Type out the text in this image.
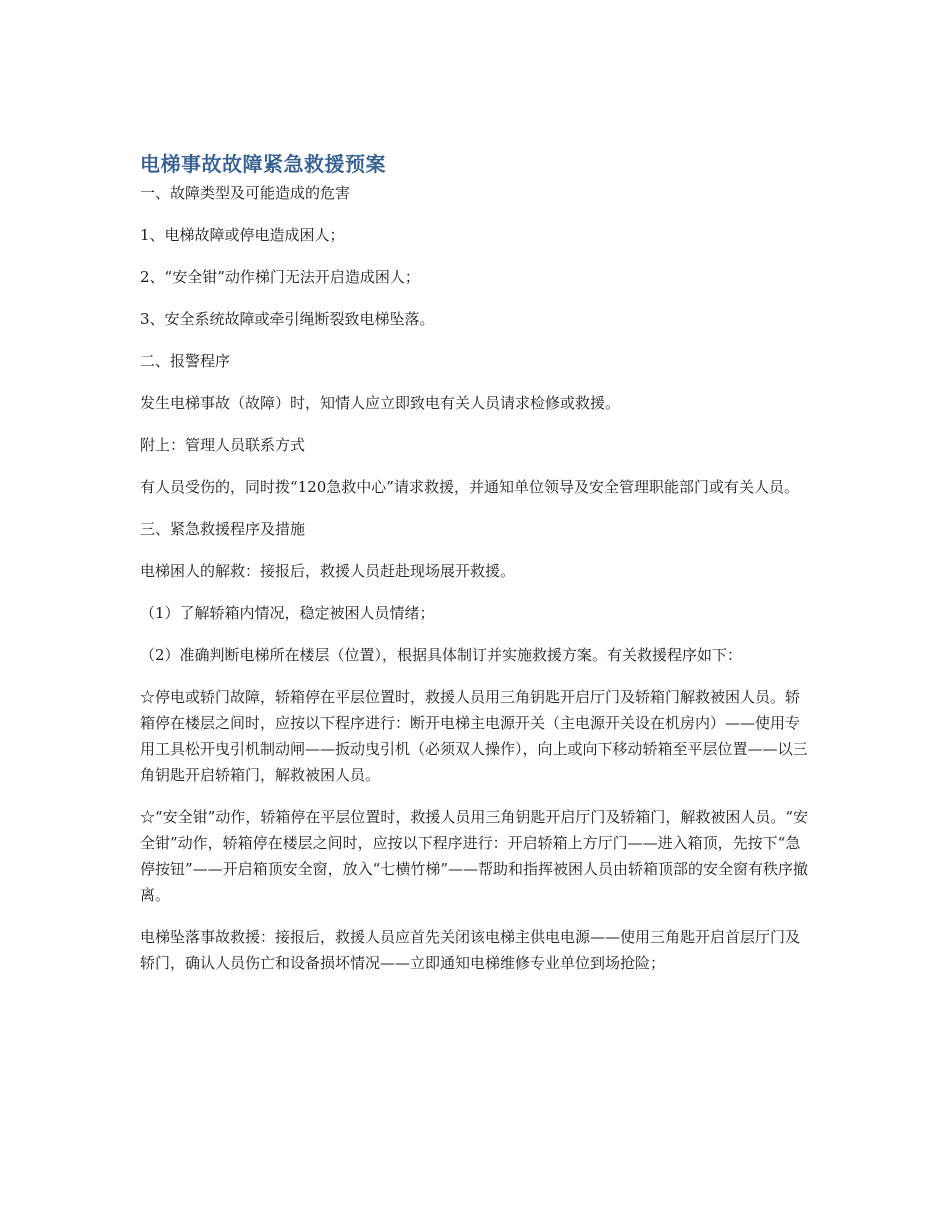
电梯事故故障紧急救援预案

一、故障类型及可能造成的危害

1、电梯故障或停电造成困人；

2、“安全钳”动作梯门无法开启造成困人；

3、安全系统故障或牵引绳断裂致电梯坠落。

二、报警程序

发生电梯事故（故障）时，知情人应立即致电有关人员请求检修或救援。

附上：管理人员联系方式

有人员受伤的，同时拨“120急救中心”请求救援，并通知单位领导及安全管理职能部门或有关人员。

三、紧急救援程序及措施

电梯困人的解救：接报后，救援人员赶赴现场展开救援。

（1）了解轿箱内情况，稳定被困人员情绪；

（2）准确判断电梯所在楼层（位置），根据具体制订并实施救援方案。有关救援程序如下：

☆停电或轿门故障，轿箱停在平层位置时，救援人员用三角钥匙开启厅门及轿箱门解救被困人员。轿箱停在楼层之间时，应按以下程序进行：断开电梯主电源开关（主电源开关设在机房内）——使用专用工具松开曳引机制动闸——扳动曳引机（必须双人操作），向上或向下移动轿箱至平层位置——以三角钥匙开启轿箱门，解救被困人员。

☆“安全钳”动作，轿箱停在平层位置时，救援人员用三角钥匙开启厅门及轿箱门，解救被困人员。“安全钳”动作，轿箱停在楼层之间时，应按以下程序进行：开启轿箱上方厅门——进入箱顶，先按下“急停按钮”——开启箱顶安全窗，放入“七横竹梯”——帮助和指挥被困人员由轿箱顶部的安全窗有秩序撤离。

电梯坠落事故救援：接报后，救援人员应首先关闭该电梯主供电电源——使用三角匙开启首层厅门及轿门，确认人员伤亡和设备损坏情况——立即通知电梯维修专业单位到场抢险；
